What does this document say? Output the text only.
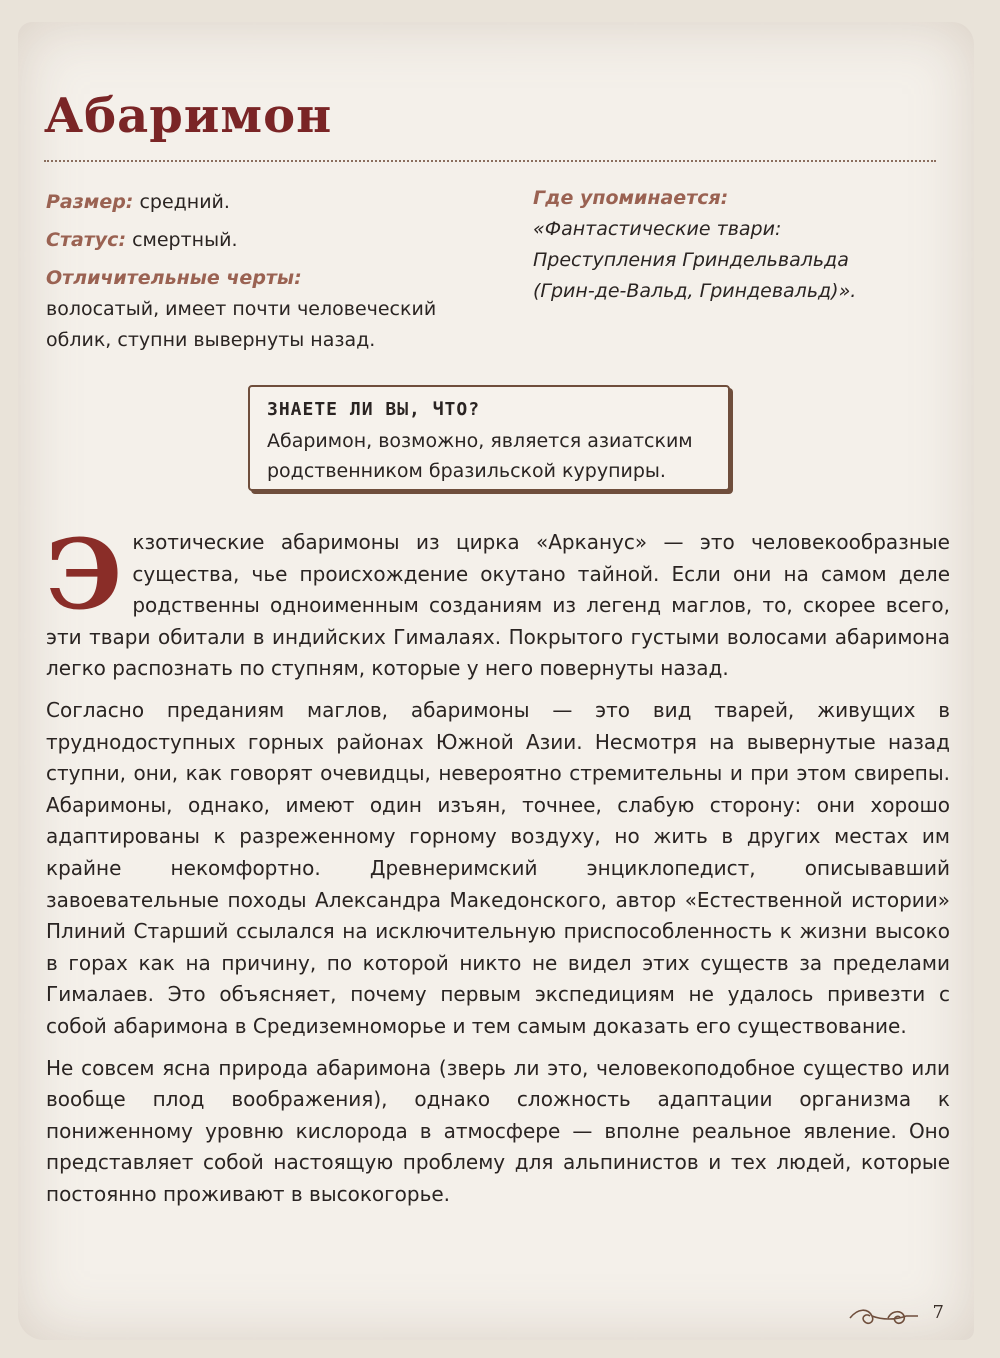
Абаримон

Размер: средний.

Статус: смертный.

Отличительные черты:

волосатый, имеет почти человеческий облик, ступни вывернуты назад.

Где упоминается:

«Фантастические твари: Преступления Гриндельвальда (Грин-де-Вальд, Гриндевальд)».

ЗНАЕТЕ ЛИ ВЫ, ЧТО?

Абаримон, возможно, является азиатским родственником бразильской курупиры.

Экзотические абаримоны из цирка «Арканус» — это человекообразные существа, чье происхождение окутано тайной. Если они на самом деле родственны одноименным созданиям из легенд маглов, то, скорее всего, эти твари обитали в индийских Гималаях. Покрытого густыми волосами абаримона легко распознать по ступням, которые у него повернуты назад.

Согласно преданиям маглов, абаримоны — это вид тварей, живущих в труднодоступных горных районах Южной Азии. Несмотря на вывернутые назад ступни, они, как говорят очевидцы, невероятно стремительны и при этом свирепы. Абаримоны, однако, имеют один изъян, точнее, слабую сторону: они хорошо адаптированы к разреженному горному воздуху, но жить в других местах им крайне некомфортно. Древнеримский энциклопедист, описывавший завоевательные походы Александра Македонского, автор «Естественной истории» Плиний Старший ссылался на исключительную приспособленность к жизни высоко в горах как на причину, по которой никто не видел этих существ за пределами Гималаев. Это объясняет, почему первым экспедициям не удалось привезти с собой абаримона в Средиземноморье и тем самым доказать его существование.

Не совсем ясна природа абаримона (зверь ли это, человекоподобное существо или вообще плод воображения), однако сложность адаптации организма к пониженному уровню кислорода в атмосфере — вполне реальное явление. Оно представляет собой настоящую проблему для альпинистов и тех людей, которые постоянно проживают в высокогорье.

7
